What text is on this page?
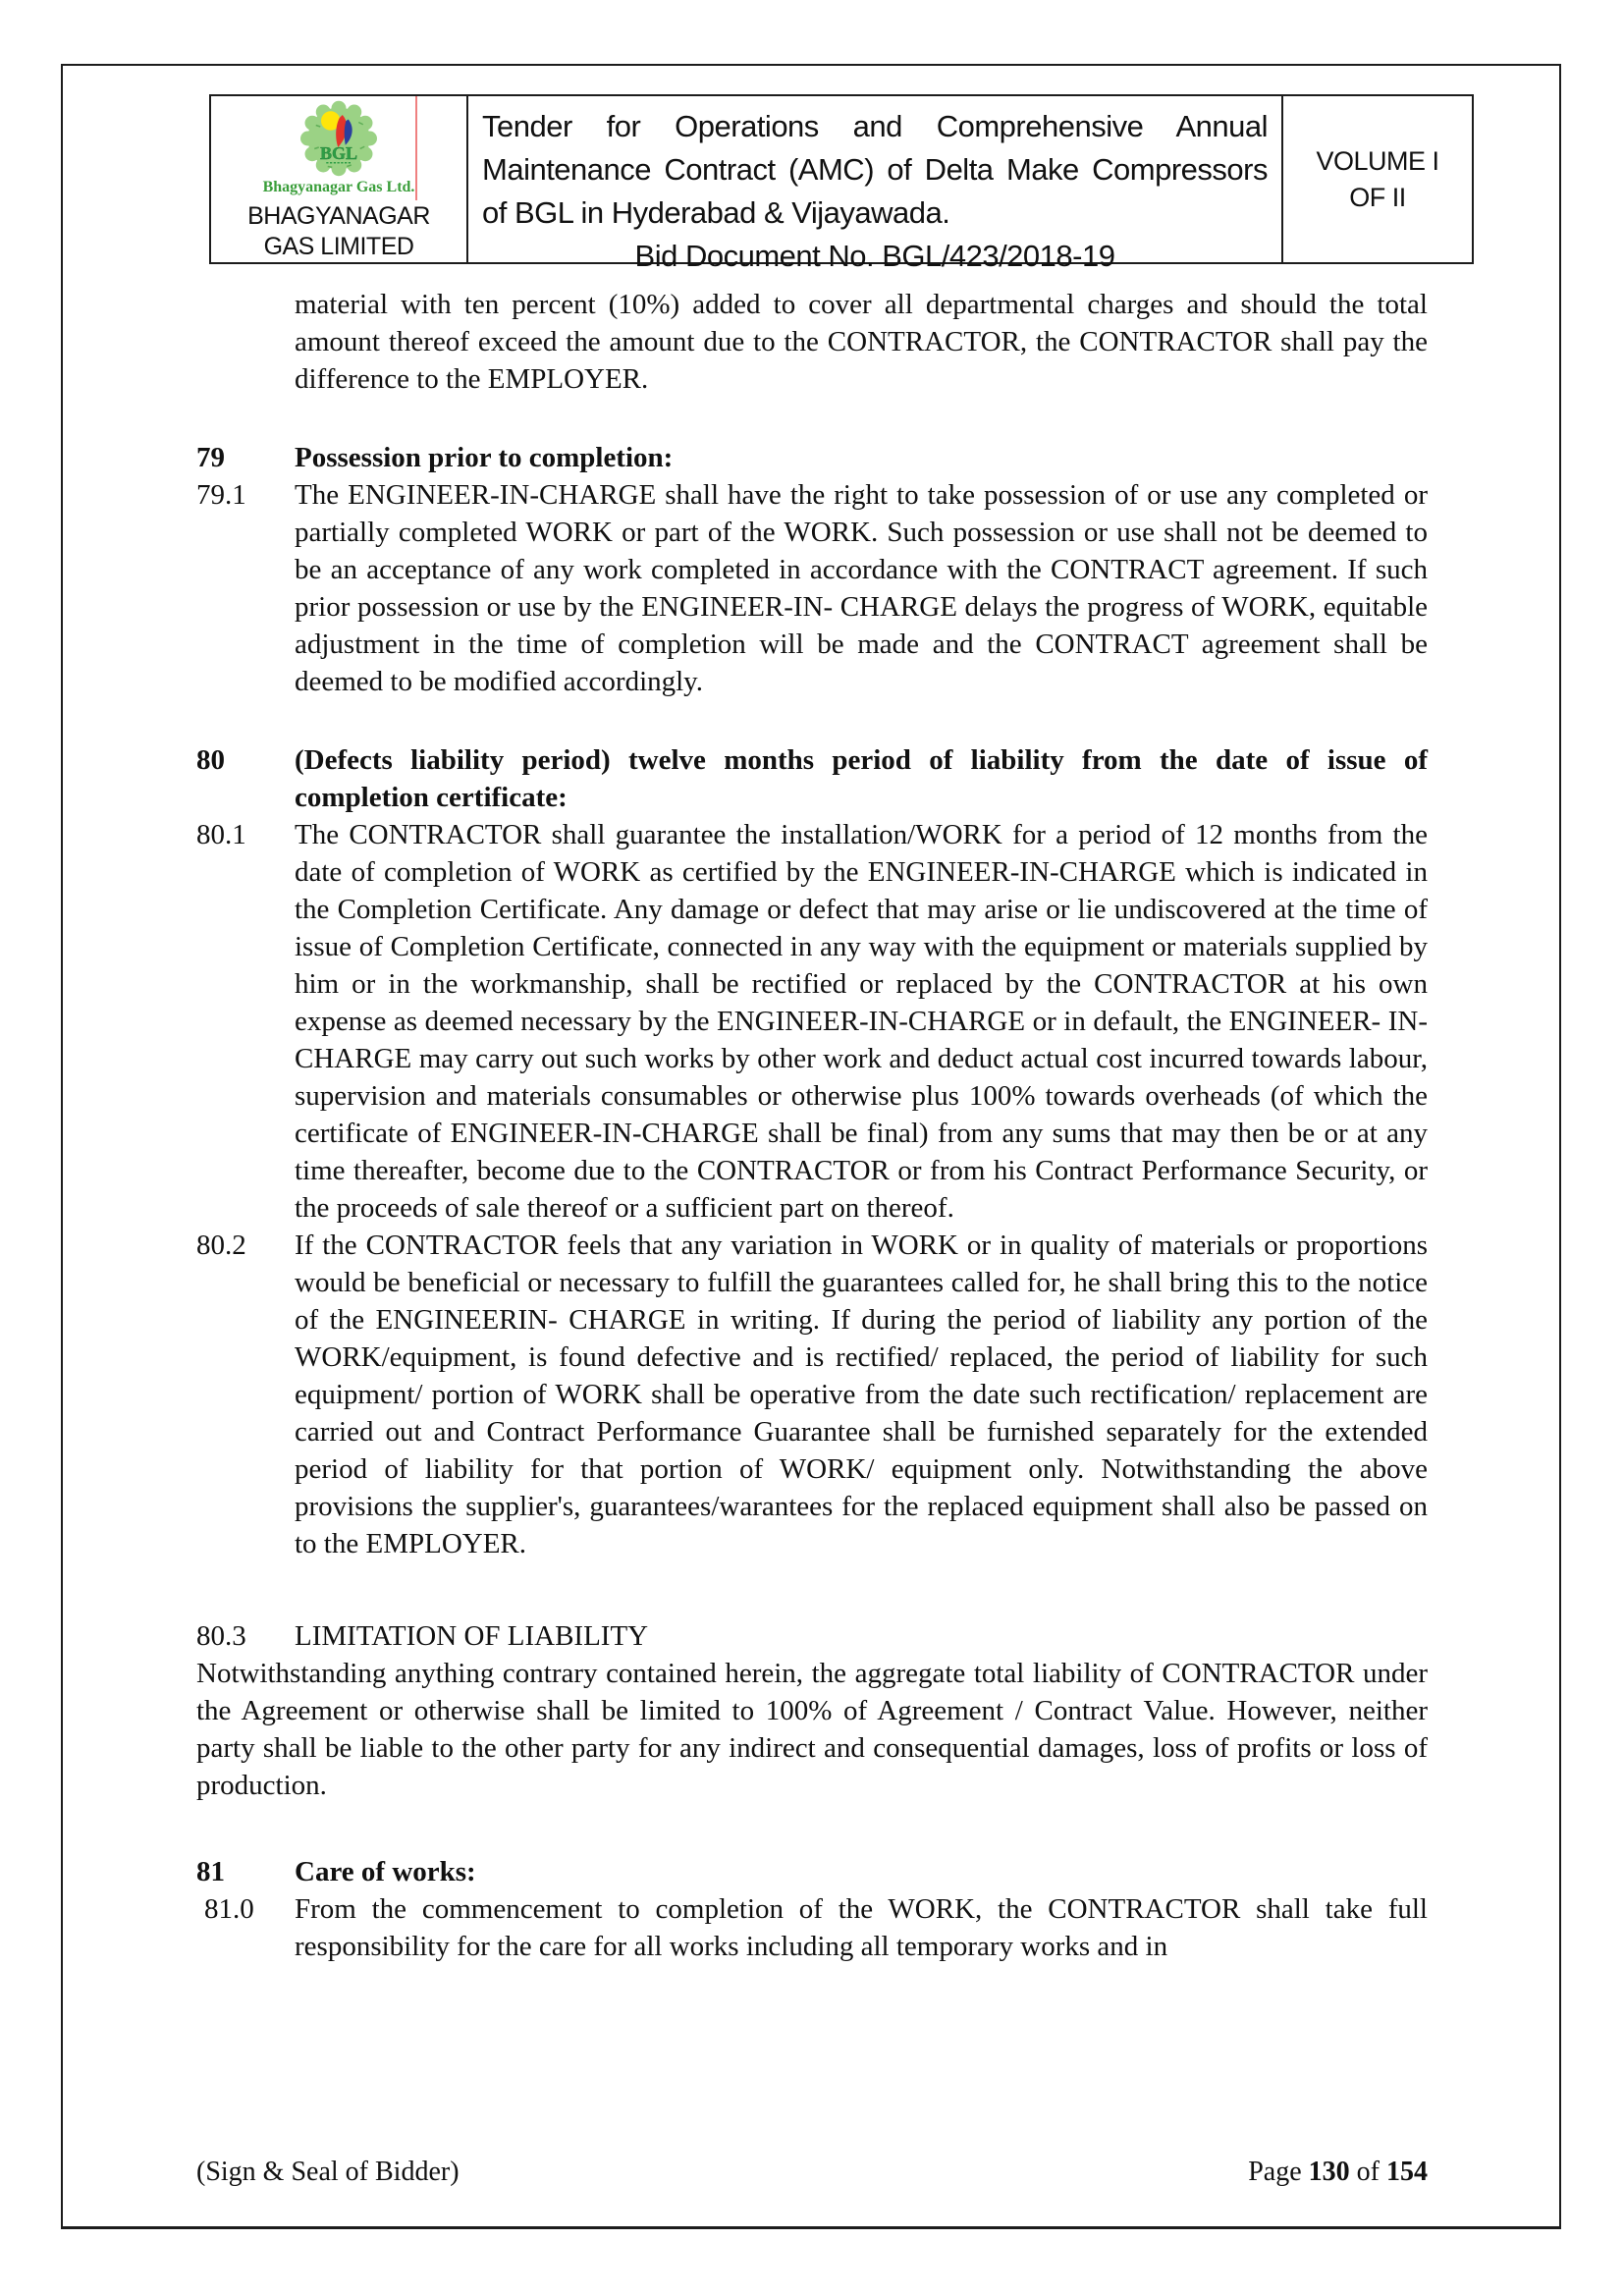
BGL
Bhagyanagar Gas Ltd.
BHAGYANAGAR GAS LIMITED
Tender for Operations and Comprehensive Annual Maintenance Contract (AMC) of Delta Make Compressors of BGL in Hyderabad & Vijayawada.
Bid Document No. BGL/423/2018-19
VOLUME I
OF II

material with ten percent (10%) added to cover all departmental charges and should the total amount thereof exceed the amount due to the CONTRACTOR, the CONTRACTOR shall pay the difference to the EMPLOYER.

79	Possession prior to completion:
79.1	The ENGINEER-IN-CHARGE shall have the right to take possession of or use any completed or partially completed WORK or part of the WORK. Such possession or use shall not be deemed to be an acceptance of any work completed in accordance with the CONTRACT agreement. If such prior possession or use by the ENGINEER-IN- CHARGE delays the progress of WORK, equitable adjustment in the time of completion will be made and the CONTRACT agreement shall be deemed to be modified accordingly.
80	(Defects liability period) twelve months period of liability from the date of issue of completion certificate:
80.1	The CONTRACTOR shall guarantee the installation/WORK for a period of 12 months from the date of completion of WORK as certified by the ENGINEER-IN-CHARGE which is indicated in the Completion Certificate. Any damage or defect that may arise or lie undiscovered at the time of issue of Completion Certificate, connected in any way with the equipment or materials supplied by him or in the workmanship, shall be rectified or replaced by the CONTRACTOR at his own expense as deemed necessary by the ENGINEER-IN-CHARGE or in default, the ENGINEER- IN-CHARGE may carry out such works by other work and deduct actual cost incurred towards labour, supervision and materials consumables or otherwise plus 100% towards overheads (of which the certificate of ENGINEER-IN-CHARGE shall be final) from any sums that may then be or at any time thereafter, become due to the CONTRACTOR or from his Contract Performance Security, or the proceeds of sale thereof or a sufficient part on thereof.
80.2	If the CONTRACTOR feels that any variation in WORK or in quality of materials or proportions would be beneficial or necessary to fulfill the guarantees called for, he shall bring this to the notice of the ENGINEERIN- CHARGE in writing. If during the period of liability any portion of the WORK/equipment, is found defective and is rectified/ replaced, the period of liability for such equipment/ portion of WORK shall be operative from the date such rectification/ replacement are carried out and Contract Performance Guarantee shall be furnished separately for the extended period of liability for that portion of WORK/ equipment only. Notwithstanding the above provisions the supplier's, guarantees/warantees for the replaced equipment shall also be passed on to the EMPLOYER.
80.3	LIMITATION OF LIABILITY

Notwithstanding anything contrary contained herein, the aggregate total liability of CONTRACTOR under the Agreement or otherwise shall be limited to 100% of Agreement / Contract Value. However, neither party shall be liable to the other party for any indirect and consequential damages, loss of profits or loss of production.

81	Care of works:
81.0	From the commencement to completion of the WORK, the CONTRACTOR shall take full responsibility for the care for all works including all temporary works and in
(Sign & Seal of Bidder)	Page 130 of 154
